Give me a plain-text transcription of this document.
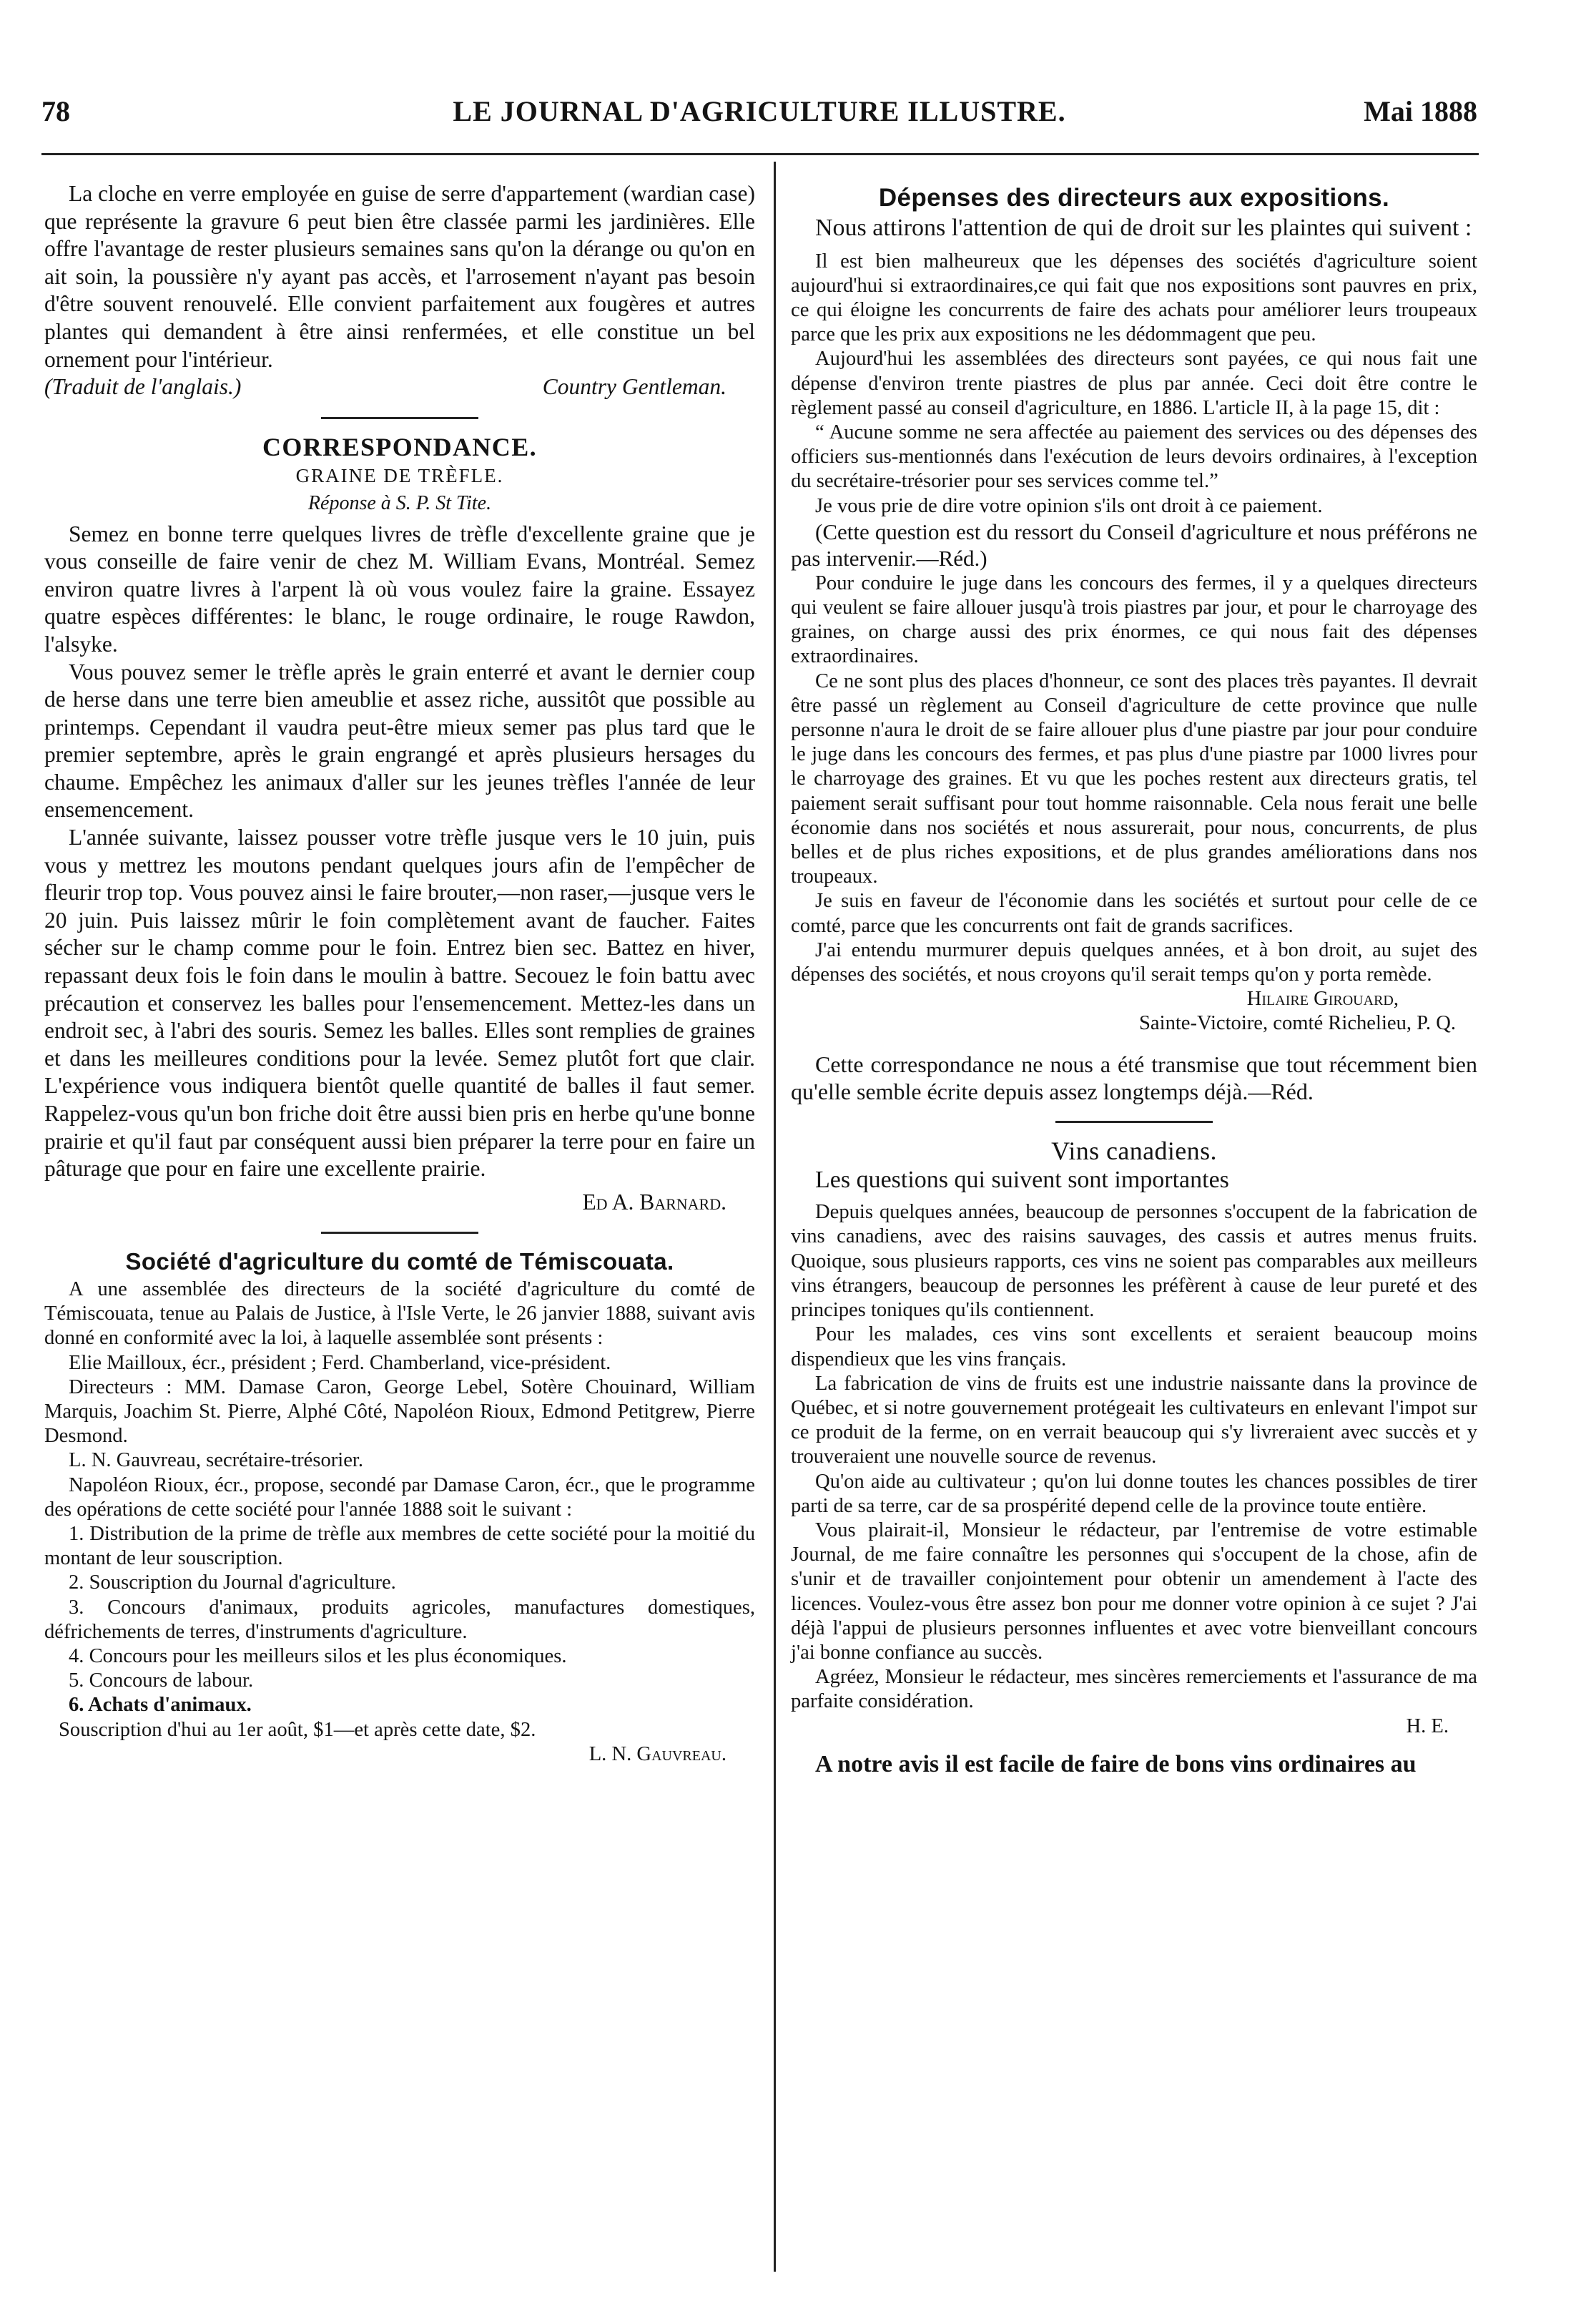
78	LE JOURNAL D'AGRICULTURE ILLUSTRE.	Mai 1888

La cloche en verre employée en guise de serre d'appartement (wardian case) que représente la gravure 6 peut bien être classée parmi les jardinières. Elle offre l'avantage de rester plusieurs semaines sans qu'on la dérange ou qu'on en ait soin, la poussière n'y ayant pas accès, et l'arrosement n'ayant pas besoin d'être souvent renouvelé. Elle convient parfaitement aux fougères et autres plantes qui demandent à être ainsi renfermées, et elle constitue un bel ornement pour l'intérieur.

(Traduit de l'anglais.)	Country Gentleman.

CORRESPONDANCE.
GRAINE DE TRÈFLE.
Réponse à S. P. St Tite.

Semez en bonne terre quelques livres de trèfle d'excellente graine que je vous conseille de faire venir de chez M. William Evans, Montréal. Semez environ quatre livres à l'arpent là où vous voulez faire la graine. Essayez quatre espèces différentes: le blanc, le rouge ordinaire, le rouge Rawdon, l'alsyke.

Vous pouvez semer le trèfle après le grain enterré et avant le dernier coup de herse dans une terre bien ameublie et assez riche, aussitôt que possible au printemps. Cependant il vaudra peut-être mieux semer pas plus tard que le premier septembre, après le grain engrangé et après plusieurs hersages du chaume. Empêchez les animaux d'aller sur les jeunes trèfles l'année de leur ensemencement.

L'année suivante, laissez pousser votre trèfle jusque vers le 10 juin, puis vous y mettrez les moutons pendant quelques jours afin de l'empêcher de fleurir trop top. Vous pouvez ainsi le faire brouter,—non raser,—jusque vers le 20 juin. Puis laissez mûrir le foin complètement avant de faucher. Faites sécher sur le champ comme pour le foin. Entrez bien sec. Battez en hiver, repassant deux fois le foin dans le moulin à battre. Secouez le foin battu avec précaution et conservez les balles pour l'ensemencement. Mettez-les dans un endroit sec, à l'abri des souris. Semez les balles. Elles sont remplies de graines et dans les meilleures conditions pour la levée. Semez plutôt fort que clair. L'expérience vous indiquera bientôt quelle quantité de balles il faut semer. Rappelez-vous qu'un bon friche doit être aussi bien pris en herbe qu'une bonne prairie et qu'il faut par conséquent aussi bien préparer la terre pour en faire un pâturage que pour en faire une excellente prairie.

Ed A. Barnard.

Société d'agriculture du comté de Témiscouata.

A une assemblée des directeurs de la société d'agriculture du comté de Témiscouata, tenue au Palais de Justice, à l'Isle Verte, le 26 janvier 1888, suivant avis donné en conformité avec la loi, à laquelle assemblée sont présents :

Elie Mailloux, écr., président ; Ferd. Chamberland, vice-président.

Directeurs : MM. Damase Caron, George Lebel, Sotère Chouinard, William Marquis, Joachim St. Pierre, Alphé Côté, Napoléon Rioux, Edmond Petitgrew, Pierre Desmond.

L. N. Gauvreau, secrétaire-trésorier.

Napoléon Rioux, écr., propose, secondé par Damase Caron, écr., que le programme des opérations de cette société pour l'année 1888 soit le suivant :

1. Distribution de la prime de trèfle aux membres de cette société pour la moitié du montant de leur souscription.

2. Souscription du Journal d'agriculture.

3. Concours d'animaux, produits agricoles, manufactures domestiques, défrichements de terres, d'instruments d'agriculture.

4. Concours pour les meilleurs silos et les plus économiques.

5. Concours de labour.

6. Achats d'animaux.

Souscription d'hui au 1er août, $1—et après cette date, $2.

L. N. Gauvreau.

Dépenses des directeurs aux expositions.

Nous attirons l'attention de qui de droit sur les plaintes qui suivent :

Il est bien malheureux que les dépenses des sociétés d'agriculture soient aujourd'hui si extraordinaires,ce qui fait que nos expositions sont pauvres en prix, ce qui éloigne les concurrents de faire des achats pour améliorer leurs troupeaux parce que les prix aux expositions ne les dédommagent que peu.

Aujourd'hui les assemblées des directeurs sont payées, ce qui nous fait une dépense d'environ trente piastres de plus par année. Ceci doit être contre le règlement passé au conseil d'agriculture, en 1886. L'article II, à la page 15, dit :

“ Aucune somme ne sera affectée au paiement des services ou des dépenses des officiers sus-mentionnés dans l'exécution de leurs devoirs ordinaires, à l'exception du secrétaire-trésorier pour ses services comme tel.”

Je vous prie de dire votre opinion s'ils ont droit à ce paiement.

(Cette question est du ressort du Conseil d'agriculture et nous préférons ne pas intervenir.—Réd.)

Pour conduire le juge dans les concours des fermes, il y a quelques directeurs qui veulent se faire allouer jusqu'à trois piastres par jour, et pour le charroyage des graines, on charge aussi des prix énormes, ce qui nous fait des dépenses extraordinaires.

Ce ne sont plus des places d'honneur, ce sont des places très payantes. Il devrait être passé un règlement au Conseil d'agriculture de cette province que nulle personne n'aura le droit de se faire allouer plus d'une piastre par jour pour conduire le juge dans les concours des fermes, et pas plus d'une piastre par 1000 livres pour le charroyage des graines. Et vu que les poches restent aux directeurs gratis, tel paiement serait suffisant pour tout homme raisonnable. Cela nous ferait une belle économie dans nos sociétés et nous assurerait, pour nous, concurrents, de plus belles et de plus riches expositions, et de plus grandes améliorations dans nos troupeaux.

Je suis en faveur de l'économie dans les sociétés et surtout pour celle de ce comté, parce que les concurrents ont fait de grands sacrifices.

J'ai entendu murmurer depuis quelques années, et à bon droit, au sujet des dépenses des sociétés, et nous croyons qu'il serait temps qu'on y porta remède.

Hilaire Girouard,

Sainte-Victoire, comté Richelieu, P. Q.

Cette correspondance ne nous a été transmise que tout récemment bien qu'elle semble écrite depuis assez longtemps déjà.—Réd.

Vins canadiens.

Les questions qui suivent sont importantes

Depuis quelques années, beaucoup de personnes s'occupent de la fabrication de vins canadiens, avec des raisins sauvages, des cassis et autres menus fruits. Quoique, sous plusieurs rapports, ces vins ne soient pas comparables aux meilleurs vins étrangers, beaucoup de personnes les préfèrent à cause de leur pureté et des principes toniques qu'ils contiennent.

Pour les malades, ces vins sont excellents et seraient beaucoup moins dispendieux que les vins français.

La fabrication de vins de fruits est une industrie naissante dans la province de Québec, et si notre gouvernement protégeait les cultivateurs en enlevant l'impot sur ce produit de la ferme, on en verrait beaucoup qui s'y livreraient avec succès et y trouveraient une nouvelle source de revenus.

Qu'on aide au cultivateur ; qu'on lui donne toutes les chances possibles de tirer parti de sa terre, car de sa prospérité depend celle de la province toute entière.

Vous plairait-il, Monsieur le rédacteur, par l'entremise de votre estimable Journal, de me faire connaître les personnes qui s'occupent de la chose, afin de s'unir et de travailler conjointement pour obtenir un amendement à l'acte des licences. Voulez-vous être assez bon pour me donner votre opinion à ce sujet ? J'ai déjà l'appui de plusieurs personnes influentes et avec votre bienveillant concours j'ai bonne confiance au succès.

Agréez, Monsieur le rédacteur, mes sincères remerciements et l'assurance de ma parfaite considération.

H. E.

A notre avis il est facile de faire de bons vins ordinaires au
